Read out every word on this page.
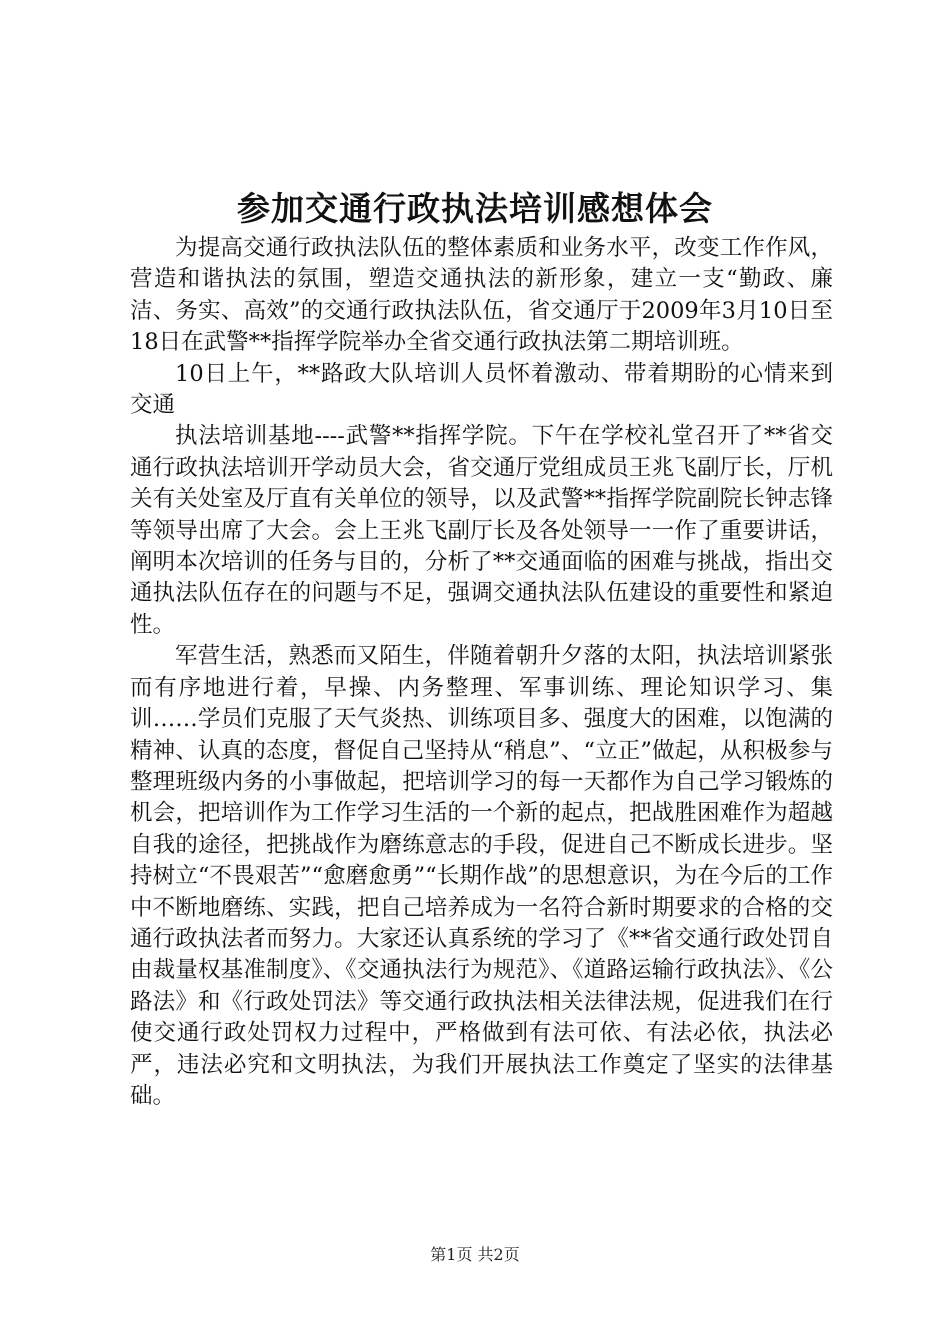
参加交通行政执法培训感想体会

为提高交通行政执法队伍的整体素质和业务水平，改变工作作风，营造和谐执法的氛围，塑造交通执法的新形象，建立一支“勤政、廉洁、务实、高效”的交通行政执法队伍，省交通厅于2009年3月10日至18日在武警**指挥学院举办全省交通行政执法第二期培训班。

10日上午，**路政大队培训人员怀着激动、带着期盼的心情来到交通

执法培训基地----武警**指挥学院。下午在学校礼堂召开了**省交通行政执法培训开学动员大会，省交通厅党组成员王兆飞副厅长，厅机关有关处室及厅直有关单位的领导，以及武警**指挥学院副院长钟志锋等领导出席了大会。会上王兆飞副厅长及各处领导一一作了重要讲话，阐明本次培训的任务与目的，分析了**交通面临的困难与挑战，指出交通执法队伍存在的问题与不足，强调交通执法队伍建设的重要性和紧迫性。

军营生活，熟悉而又陌生，伴随着朝升夕落的太阳，执法培训紧张而有序地进行着，早操、内务整理、军事训练、理论知识学习、集训……学员们克服了天气炎热、训练项目多、强度大的困难，以饱满的精神、认真的态度，督促自己坚持从“稍息”、“立正”做起，从积极参与整理班级内务的小事做起，把培训学习的每一天都作为自己学习锻炼的机会，把培训作为工作学习生活的一个新的起点，把战胜困难作为超越自我的途径，把挑战作为磨练意志的手段，促进自己不断成长进步。坚持树立“不畏艰苦”“愈磨愈勇”“长期作战”的思想意识，为在今后的工作中不断地磨练、实践，把自己培养成为一名符合新时期要求的合格的交通行政执法者而努力。大家还认真系统的学习了《**省交通行政处罚自由裁量权基准制度》、《交通执法行为规范》、《道路运输行政执法》、《公路法》和《行政处罚法》等交通行政执法相关法律法规，促进我们在行使交通行政处罚权力过程中，严格做到有法可依、有法必依，执法必严，违法必究和文明执法，为我们开展执法工作奠定了坚实的法律基础。

第1页 共2页
